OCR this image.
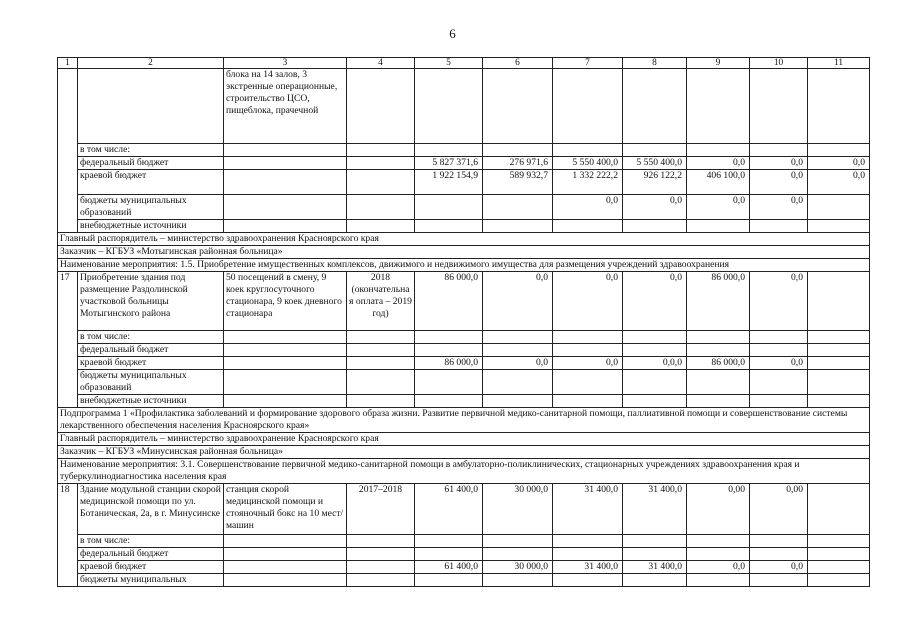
6
1	2	3	4	5	6	7	8	9	10	11
		блока на 14 залов, 3 экстренные операционные, строительство ЦСО, пищеблока, прачечной								
	в том числе:									
	федеральный бюджет			5 827 371,6	276 971,6	5 550 400,0	5 550 400,0	0,0	0,0	0,0
	краевой бюджет			1 922 154,9	589 932,7	1 332 222,2	926 122,2	406 100,0	0,0	0,0
	бюджеты муниципальных образований					0,0	0,0	0,0	0,0	
	внебюджетные источники									
Главный распорядитель – министерство здравоохранения Красноярского края										
Заказчик – КГБУЗ «Мотыгинская районная больница»										
Наименование мероприятия: 1.5. Приобретение имущественных комплексов, движимого и недвижимого имущества для размещения учреждений здравоохранения										
17	Приобретение здания под размещение Раздолинской участковой больницы Мотыгинского района	50 посещений в смену, 9 коек круглосуточного стационара, 9 коек дневного стационара	2018 (окончательна я оплата – 2019 год)	86 000,0	0,0	0,0	0,0	86 000,0	0,0	
	в том числе:									
	федеральный бюджет									
	краевой бюджет			86 000,0	0,0	0,0	0,0,0	86 000,0	0,0	
	бюджеты муниципальных образований									
	внебюджетные источники									
Подпрограмма 1 «Профилактика заболеваний и формирование здорового образа жизни. Развитие первичной медико-санитарной помощи, паллиативной помощи и совершенствование системы лекарственного обеспечения населения Красноярского края»										
Главный распорядитель – министерство здравоохранение Красноярского края										
Заказчик – КГБУЗ «Минусинская районная больница»										
Наименование мероприятия: 3.1. Совершенствование первичной медико-санитарной помощи в амбулаторно-поликлинических, стационарных учреждениях здравоохранения края и туберкулинодиагностика населения края										
18	Здание модульной станции скорой медицинской помощи по ул. Ботаническая, 2а, в г. Минусинске	станция скорой медицинской помощи и стояночный бокс на 10 мест/машин	2017–2018	61 400,0	30 000,0	31 400,0	31 400,0	0,00	0,00	
	в том числе:									
	федеральный бюджет									
	краевой бюджет			61 400,0	30 000,0	31 400,0	31 400,0	0,0	0,0	
	бюджеты муниципальных									
